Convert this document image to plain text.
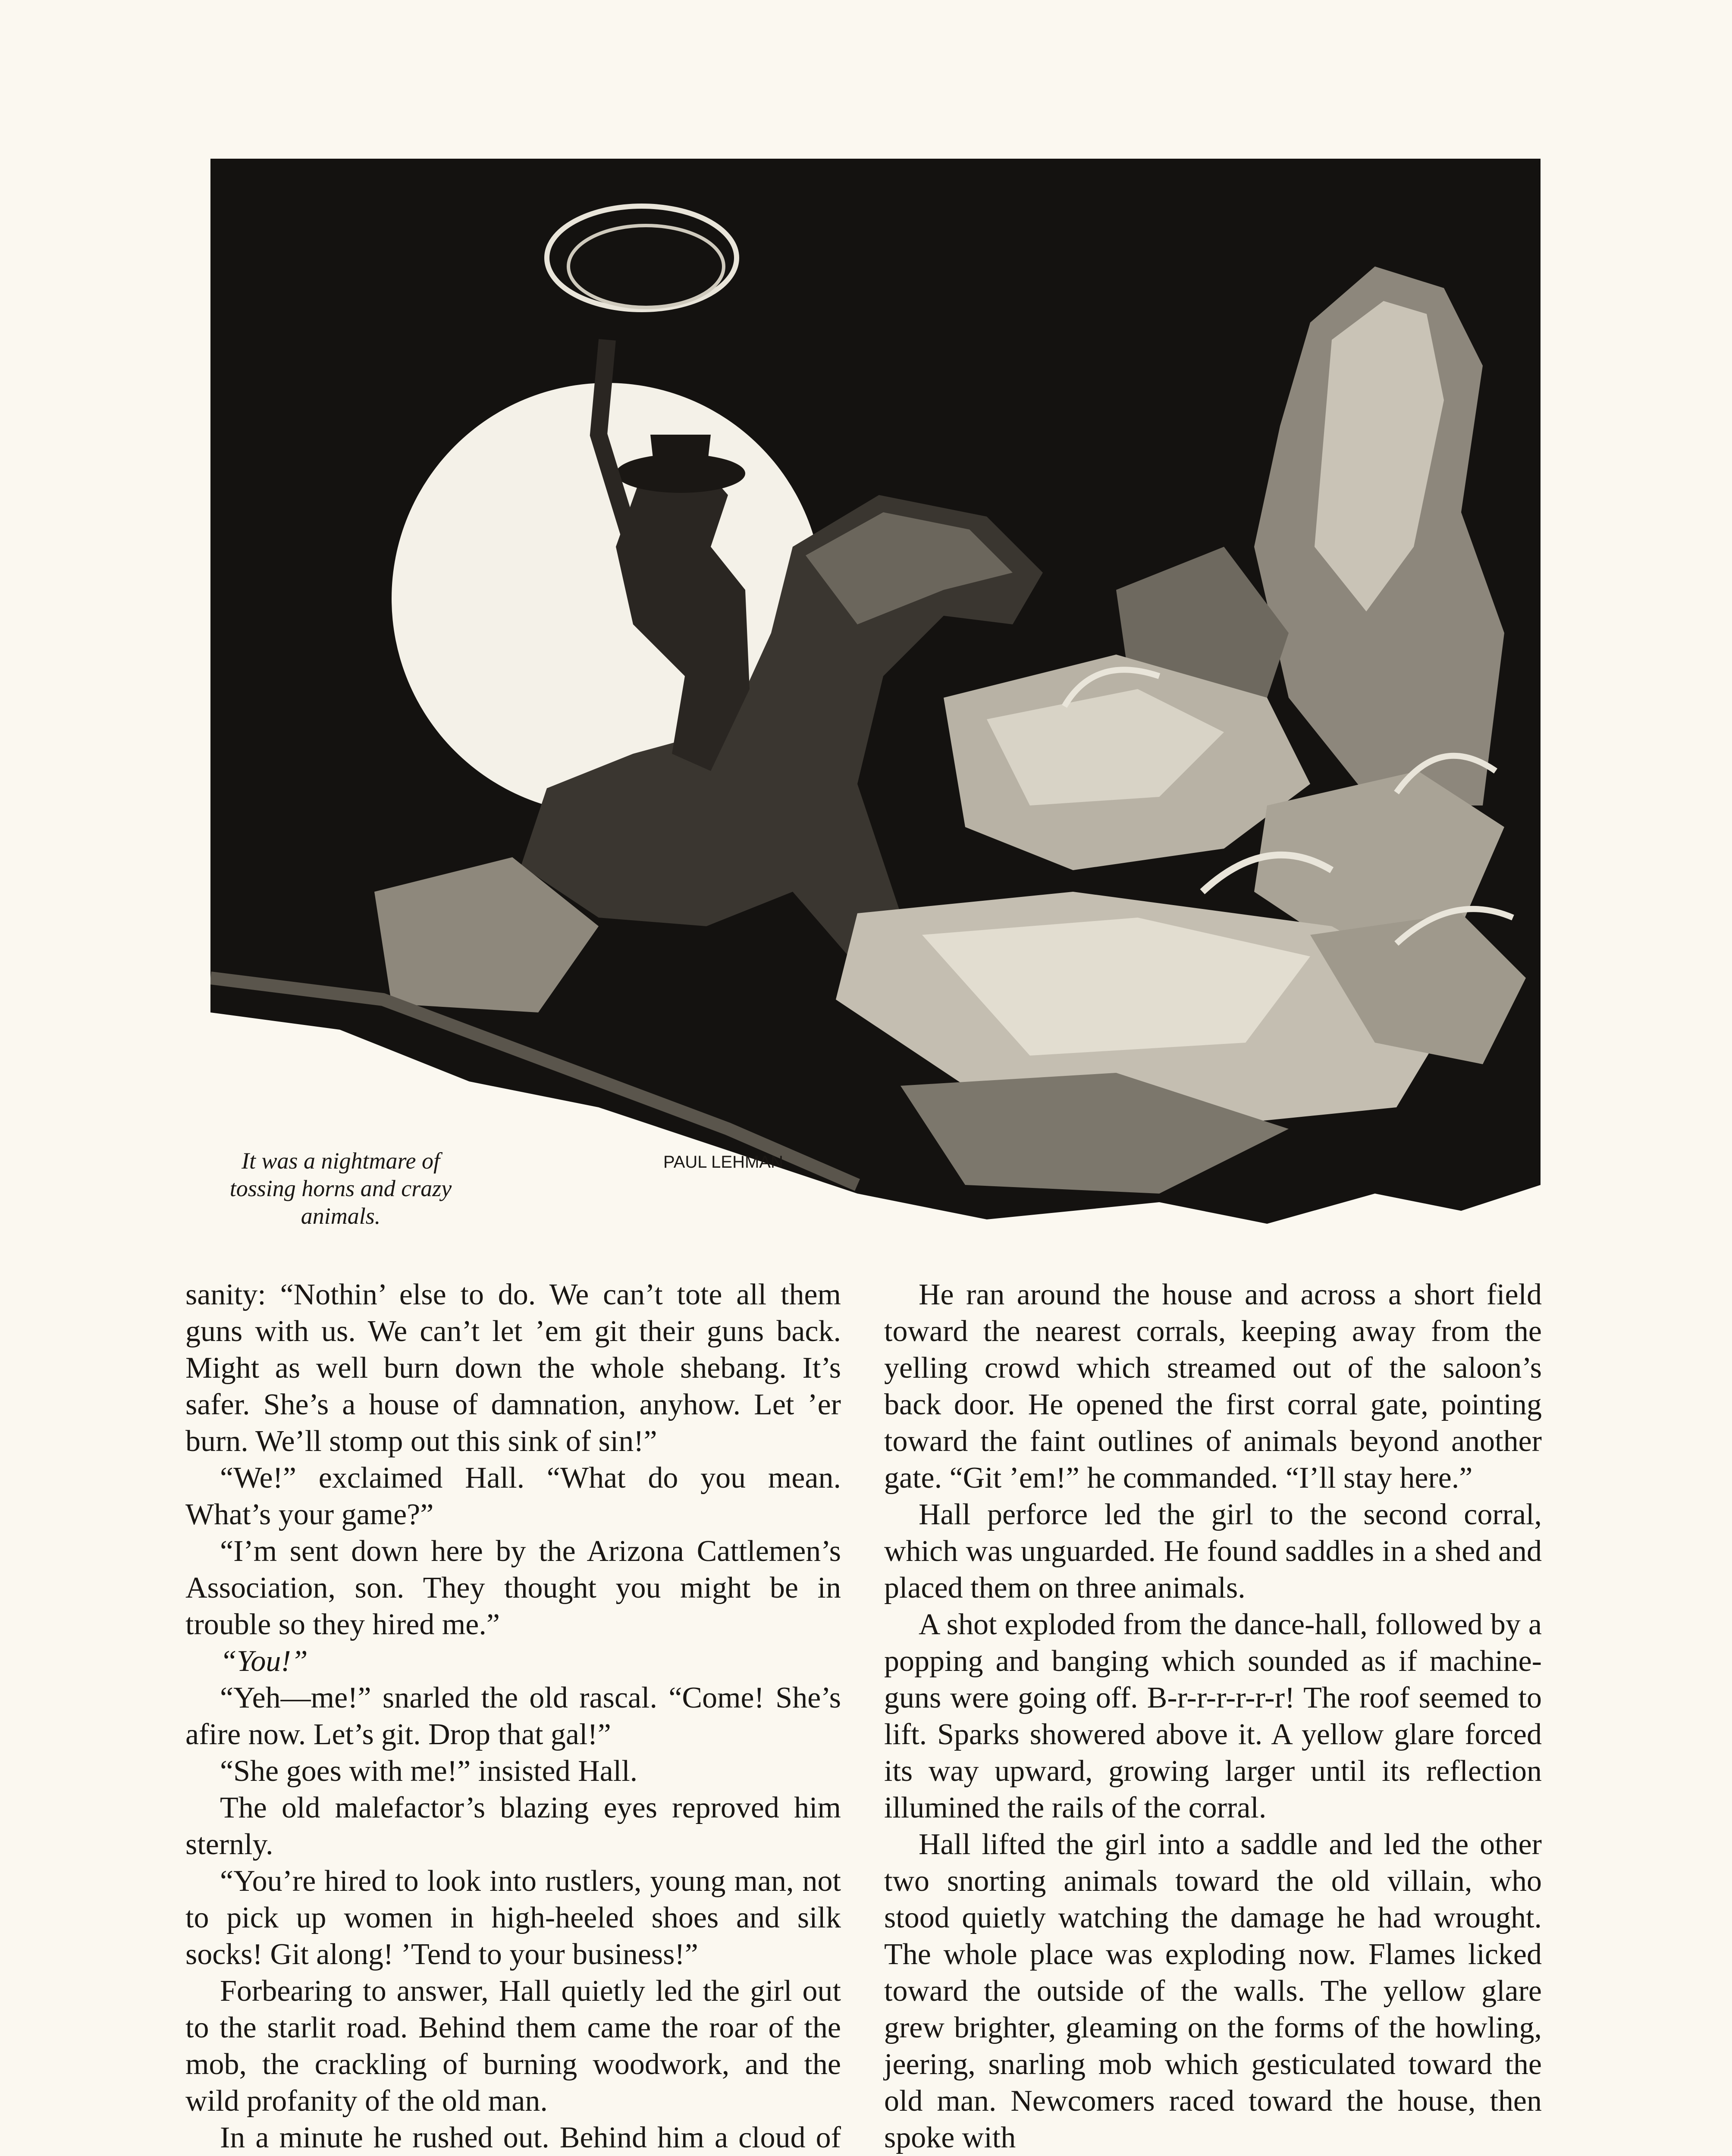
PAUL LEHMAN
It was a nightmare of
tossing horns and crazy
animals.

sanity: “Nothin’ else to do. We can’t tote all them guns with us. We can’t let ’em git their guns back. Might as well burn down the whole shebang. It’s safer. She’s a house of damnation, anyhow. Let ’er burn. We’ll stomp out this sink of sin!”

“We!” exclaimed Hall. “What do you mean. What’s your game?”

“I’m sent down here by the Arizona Cattlemen’s Association, son. They thought you might be in trouble so they hired me.”

“You!”

“Yeh—me!” snarled the old rascal. “Come! She’s afire now. Let’s git. Drop that gal!”

“She goes with me!” insisted Hall.

The old malefactor’s blazing eyes reproved him sternly.

“You’re hired to look into rustlers, young man, not to pick up women in high-heeled shoes and silk socks! Git along! ’Tend to your business!”

Forbearing to answer, Hall quietly led the girl out to the starlit road. Behind them came the roar of the mob, the crackling of burning woodwork, and the wild profanity of the old man.

In a minute he rushed out. Behind him a cloud of

He ran around the house and across a short field toward the nearest corrals, keeping away from the yelling crowd which streamed out of the saloon’s back door. He opened the first corral gate, pointing toward the faint outlines of animals beyond another gate. “Git ’em!” he commanded. “I’ll stay here.”

Hall perforce led the girl to the second corral, which was unguarded. He found saddles in a shed and placed them on three animals.

A shot exploded from the dance-hall, followed by a popping and banging which sounded as if machine-guns were going off. B-r-r-r-r-r-r! The roof seemed to lift. Sparks showered above it. A yellow glare forced its way upward, growing larger until its reflection illumined the rails of the corral.

Hall lifted the girl into a saddle and led the other two snorting animals toward the old villain, who stood quietly watching the damage he had wrought. The whole place was exploding now. Flames licked toward the outside of the walls. The yellow glare grew brighter, gleaming on the forms of the howling, jeering, snarling mob which gesticulated toward the old man. Newcomers raced toward the house, then spoke with
